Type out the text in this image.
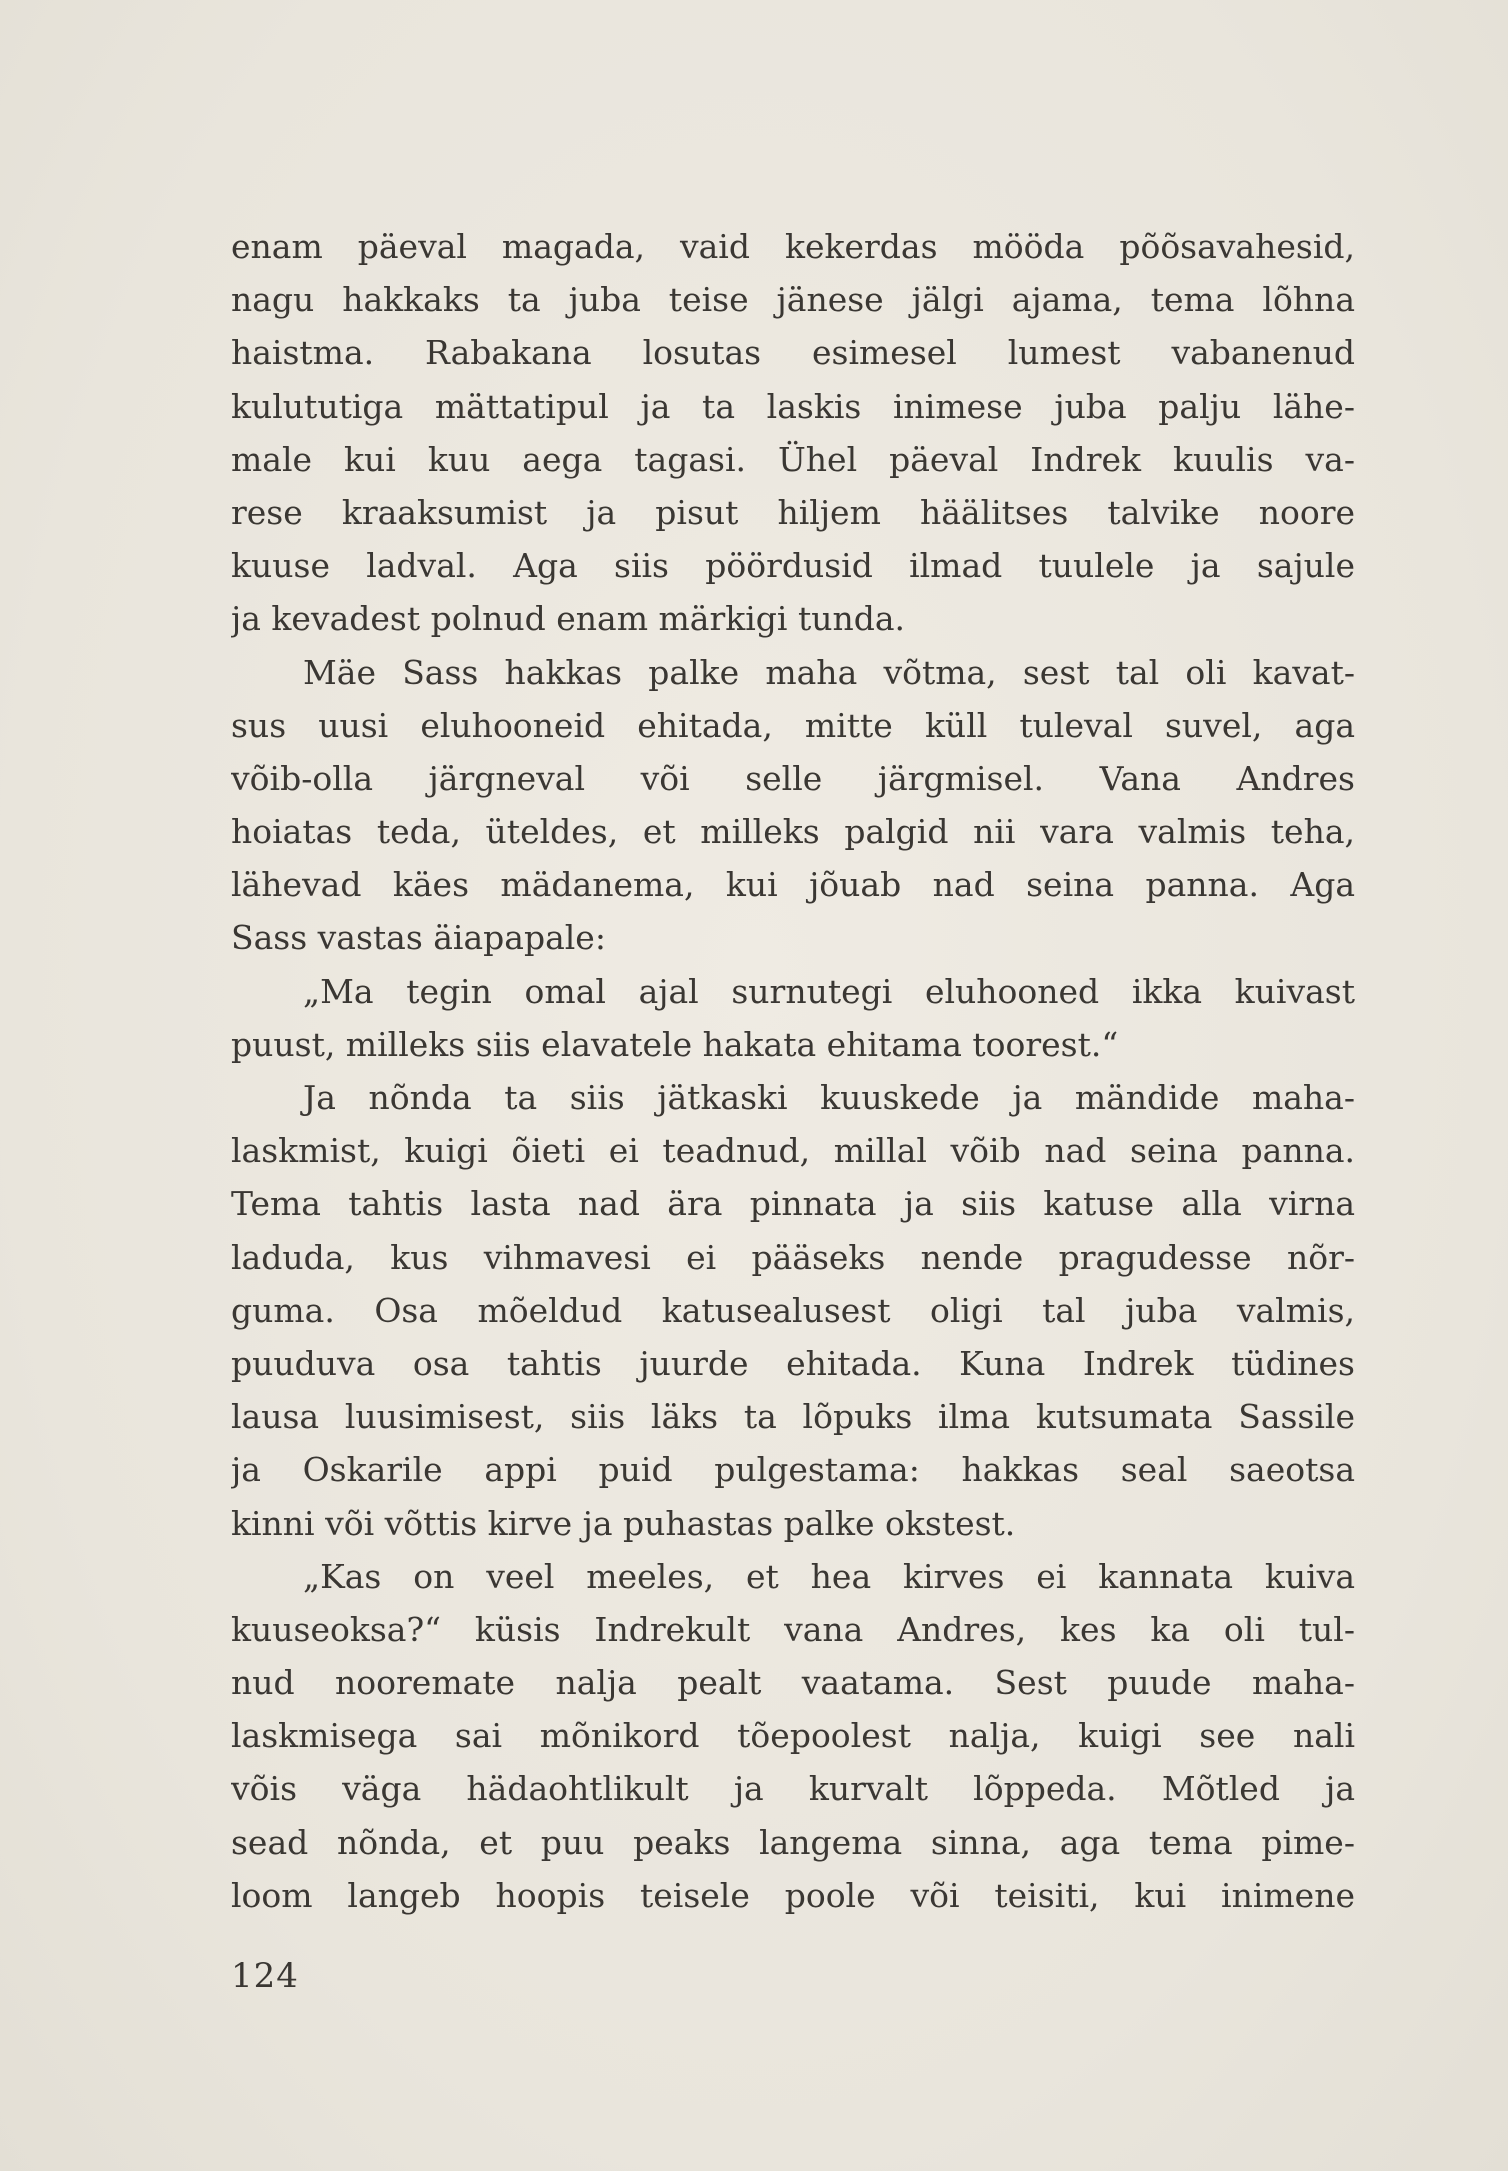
enam päeval magada, vaid kekerdas mööda põõsavahesid,
nagu hakkaks ta juba teise jänese jälgi ajama, tema lõhna
haistma. Rabakana losutas esimesel lumest vabanenud
kulututiga mättatipul ja ta laskis inimese juba palju lähe-
male kui kuu aega tagasi. Ühel päeval Indrek kuulis va-
rese kraaksumist ja pisut hiljem häälitses talvike noore
kuuse ladval. Aga siis pöördusid ilmad tuulele ja sajule
ja kevadest polnud enam märkigi tunda.
Mäe Sass hakkas palke maha võtma, sest tal oli kavat-
sus uusi eluhooneid ehitada, mitte küll tuleval suvel, aga
võib-olla järgneval või selle järgmisel. Vana Andres
hoiatas teda, üteldes, et milleks palgid nii vara valmis teha,
lähevad käes mädanema, kui jõuab nad seina panna. Aga
Sass vastas äiapapale:
„Ma tegin omal ajal surnutegi eluhooned ikka kuivast
puust, milleks siis elavatele hakata ehitama toorest.“
Ja nõnda ta siis jätkaski kuuskede ja mändide maha-
laskmist, kuigi õieti ei teadnud, millal võib nad seina panna.
Tema tahtis lasta nad ära pinnata ja siis katuse alla virna
laduda, kus vihmavesi ei pääseks nende pragudesse nõr-
guma. Osa mõeldud katusealusest oligi tal juba valmis,
puuduva osa tahtis juurde ehitada. Kuna Indrek tüdines
lausa luusimisest, siis läks ta lõpuks ilma kutsumata Sassile
ja Oskarile appi puid pulgestama: hakkas seal saeotsa
kinni või võttis kirve ja puhastas palke okstest.
„Kas on veel meeles, et hea kirves ei kannata kuiva
kuuseoksa?“ küsis Indrekult vana Andres, kes ka oli tul-
nud nooremate nalja pealt vaatama. Sest puude maha-
laskmisega sai mõnikord tõepoolest nalja, kuigi see nali
võis väga hädaohtlikult ja kurvalt lõppeda. Mõtled ja
sead nõnda, et puu peaks langema sinna, aga tema pime-
loom langeb hoopis teisele poole või teisiti, kui inimene
124
